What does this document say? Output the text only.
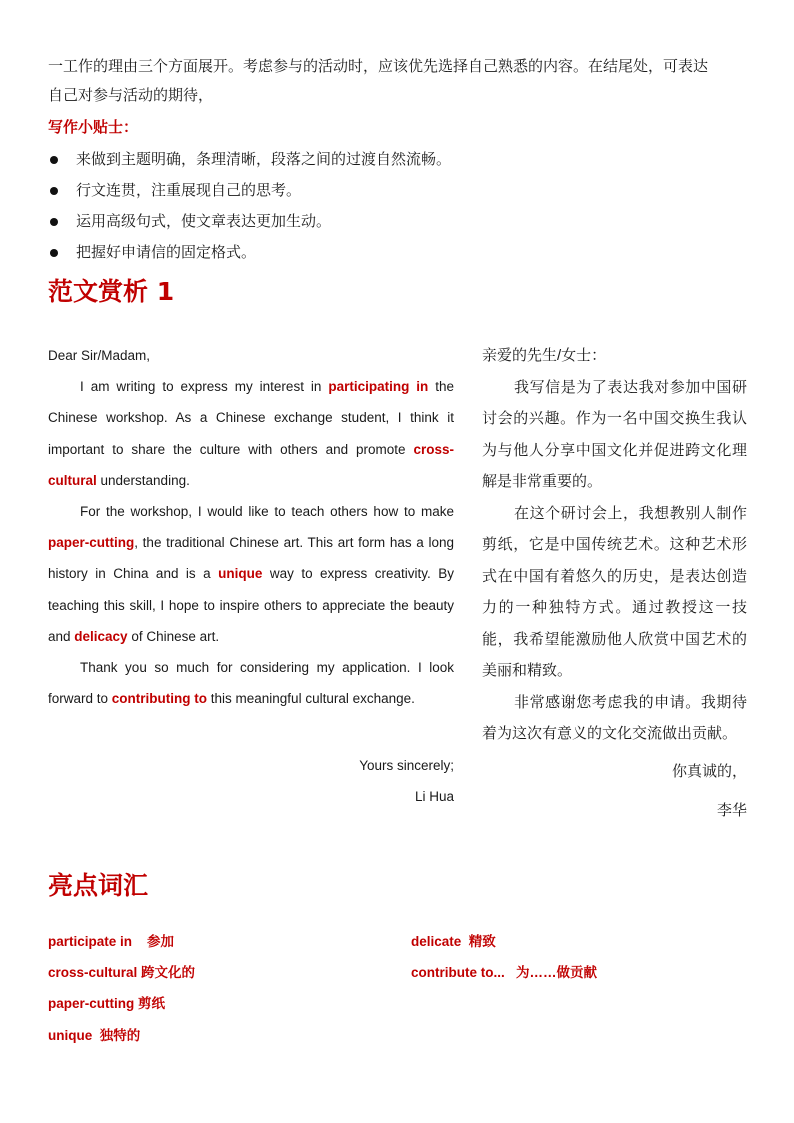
一工作的理由三个方面展开。考虑参与的活动时，应该优先选择自己熟悉的内容。在结尾处，可表达
自己对参与活动的期待，
写作小贴士：
来做到主题明确，条理清晰，段落之间的过渡自然流畅。
行文连贯，注重展现自己的思考。
运用高级句式，使文章表达更加生动。
把握好申请信的固定格式。
范文赏析 1

Dear Sir/Madam,

I am writing to express my interest in participating in the Chinese workshop. As a Chinese exchange student, I think it important to share the culture with others and promote cross-cultural understanding.

For the workshop, I would like to teach others how to make paper-cutting, the traditional Chinese art. This art form has a long history in China and is a unique way to express creativity. By teaching this skill, I hope to inspire others to appreciate the beauty and delicacy of Chinese art.

Thank you so much for considering my application. I look forward to contributing to this meaningful cultural exchange.

Yours sincerely;
Li Hua

亲爱的先生/女士：

我写信是为了表达我对参加中国研讨会的兴趣。作为一名中国交换生我认为与他人分享中国文化并促进跨文化理解是非常重要的。

在这个研讨会上，我想教别人制作剪纸，它是中国传统艺术。这种艺术形式在中国有着悠久的历史，是表达创造力的一种独特方式。通过教授这一技能，我希望能激励他人欣赏中国艺术的美丽和精致。

非常感谢您考虑我的申请。我期待着为这次有意义的文化交流做出贡献。

你真诚的，

李华

亮点词汇
participate in 参加
cross-cultural 跨文化的
paper-cutting 剪纸
unique 独特的
delicate 精致
contribute to... 为……做贡献
